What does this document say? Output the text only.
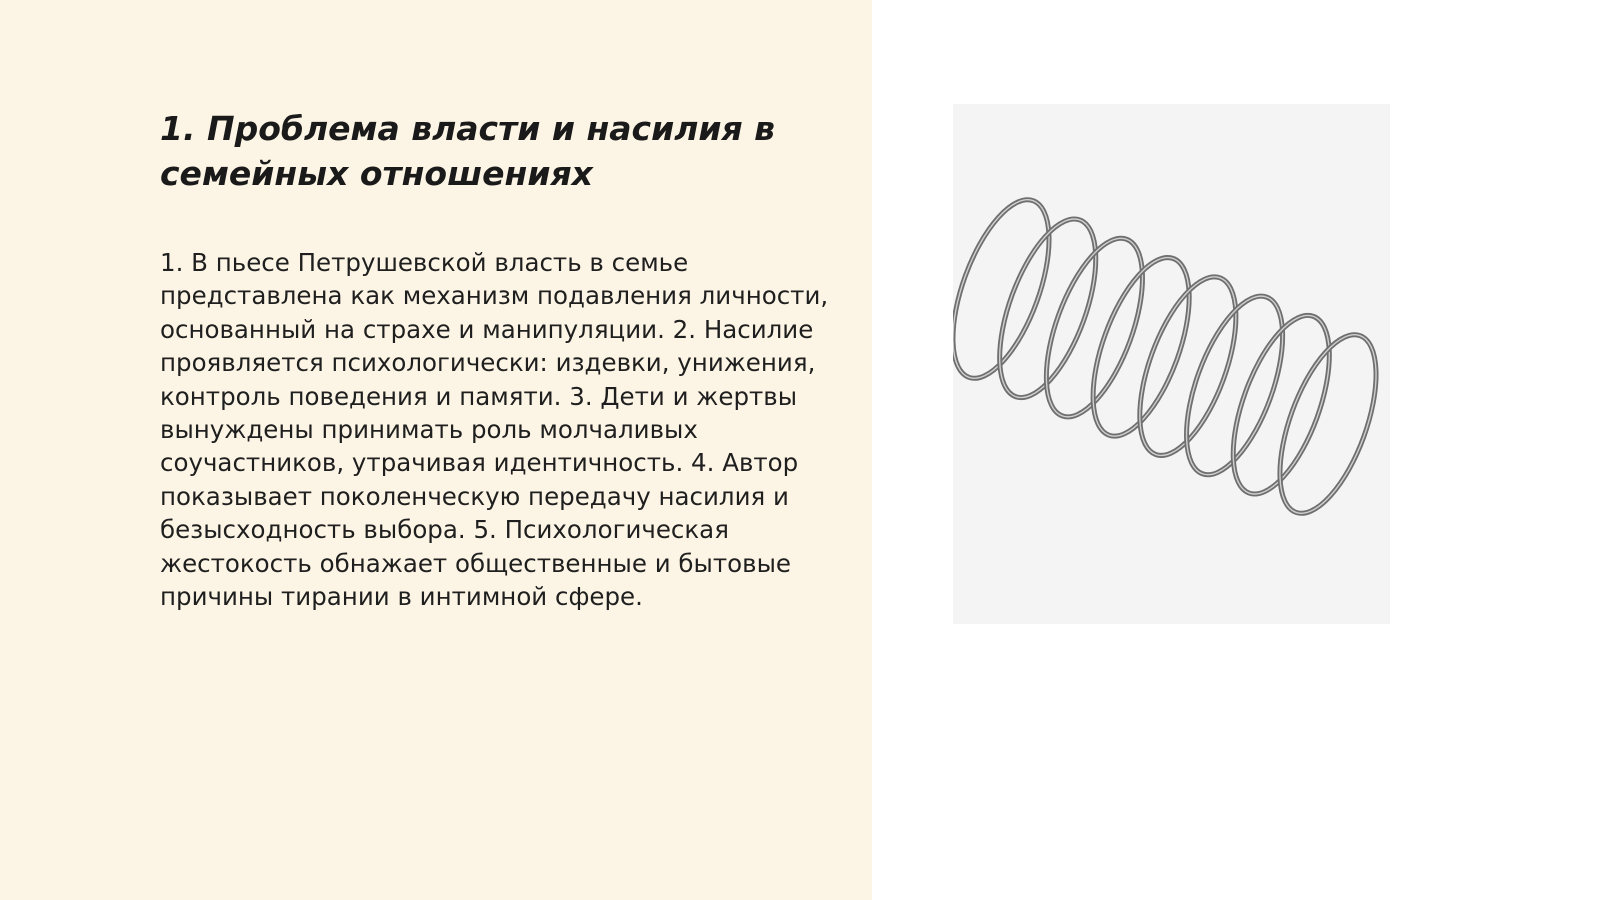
1. Проблема власти и насилия в семейных отношениях

1. В пьесе Петрушевской власть в семье представлена как механизм подавления личности, основанный на страхе и манипуляции. 2. Насилие проявляется психологически: издевки, унижения, контроль поведения и памяти. 3. Дети и жертвы вынуждены принимать роль молчаливых соучастников, утрачивая идентичность. 4. Автор показывает поколенческую передачу насилия и безысходность выбора. 5. Психологическая жестокость обнажает общественные и бытовые причины тирании в интимной сфере.
